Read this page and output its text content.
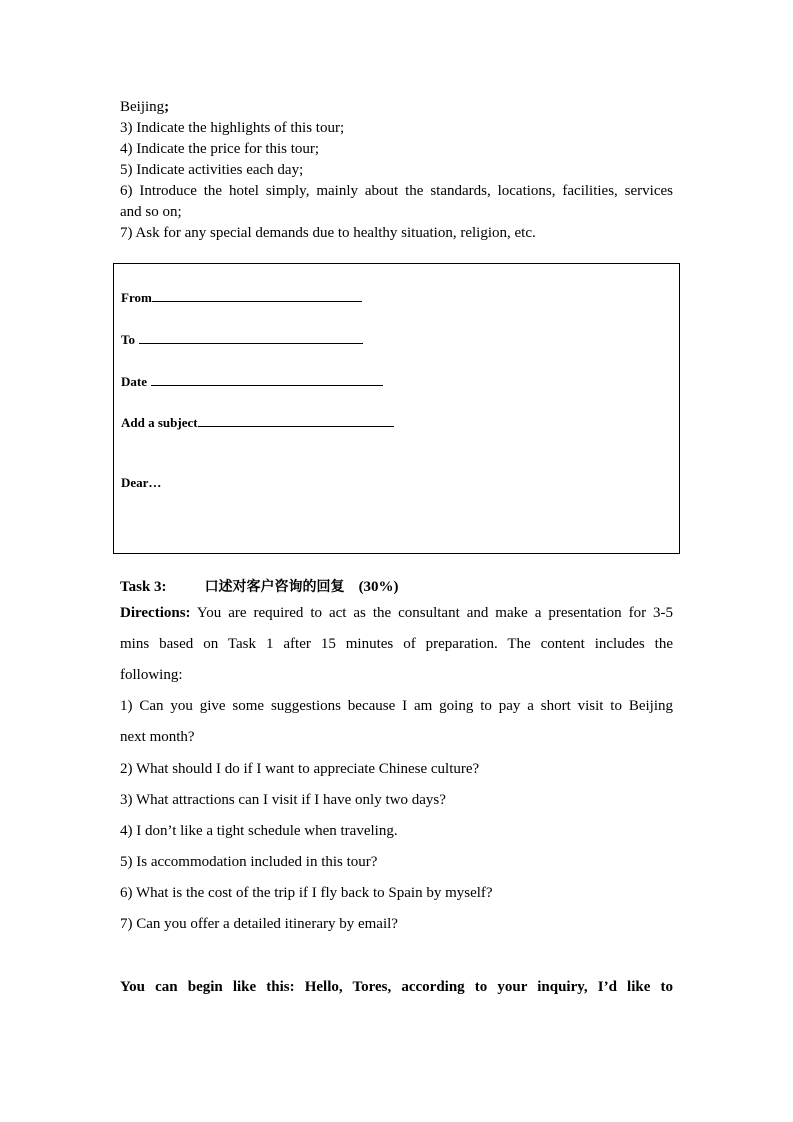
Beijing;
3) Indicate the highlights of this tour;
4) Indicate the price for this tour;
5) Indicate activities each day;
6) Introduce the hotel simply, mainly about the standards, locations, facilities, services
and so on;
7) Ask for any special demands due to healthy situation, religion, etc.
From
To
Date
Add a subject
Dear…
Task 3:	口述对客户咨询的回复 (30%)
Directions: You are required to act as the consultant and make a presentation for 3-5
mins based on Task 1 after 15 minutes of preparation. The content includes the
following:
1) Can you give some suggestions because I am going to pay a short visit to Beijing
next month?
2) What should I do if I want to appreciate Chinese culture?
3) What attractions can I visit if I have only two days?
4) I don’t like a tight schedule when traveling.
5) Is accommodation included in this tour?
6) What is the cost of the trip if I fly back to Spain by myself?
7) Can you offer a detailed itinerary by email?
You can begin like this: Hello, Tores, according to your inquiry, I’d like to
